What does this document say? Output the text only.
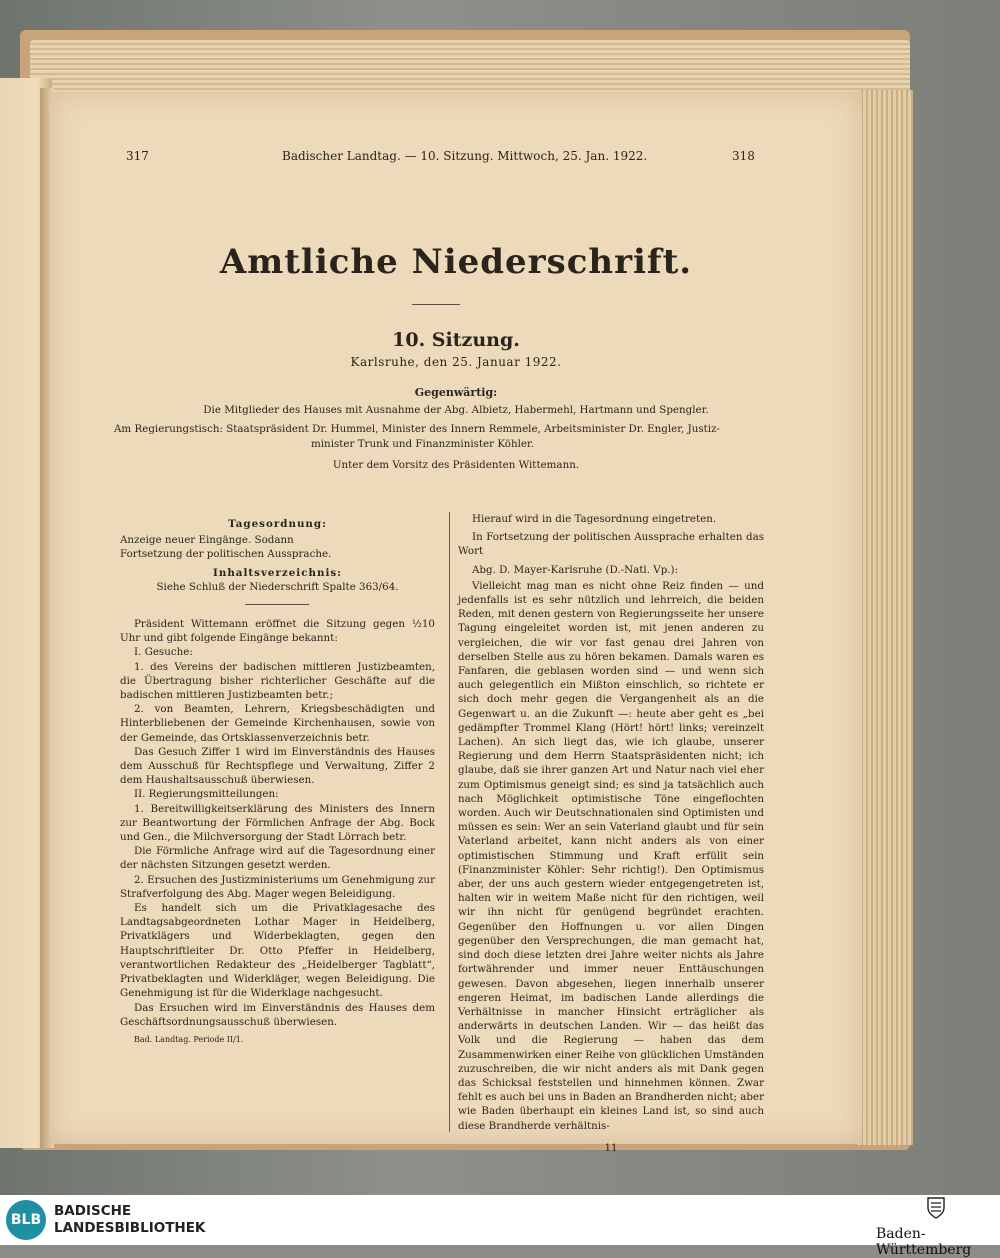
317	Badischer Landtag. — 10. Sitzung. Mittwoch, 25. Jan. 1922.	318
Amtliche Niederschrift.
10. Sitzung.
Karlsruhe, den 25. Januar 1922.
Gegenwärtig:
Die Mitglieder des Hauses mit Ausnahme der Abg. Albietz, Habermehl, Hartmann und Spengler.
Am Regierungstisch: Staatspräsident Dr. Hummel, Minister des Innern Remmele, Arbeitsminister Dr. Engler, Justiz-
minister Trunk und Finanzminister Köhler.
Unter dem Vorsitz des Präsidenten Wittemann.

Tagesordnung:

Anzeige neuer Eingänge. Sodann

Fortsetzung der politischen Aussprache.

Inhaltsverzeichnis:

Siehe Schluß der Niederschrift Spalte 363/64.

Präsident Wittemann eröffnet die Sitzung gegen ½10 Uhr und gibt folgende Eingänge bekannt:

I. Gesuche:

1. des Vereins der badischen mittleren Justizbeamten, die Übertragung bisher richterlicher Geschäfte auf die badischen mittleren Justizbeamten betr.;

2. von Beamten, Lehrern, Kriegsbeschädigten und Hinterbliebenen der Gemeinde Kirchenhausen, sowie von der Gemeinde, das Ortsklassenverzeichnis betr.

Das Gesuch Ziffer 1 wird im Einverständnis des Hauses dem Ausschuß für Rechtspflege und Verwaltung, Ziffer 2 dem Haushaltsausschuß überwiesen.

II. Regierungsmitteilungen:

1. Bereitwilligkeitserklärung des Ministers des Innern zur Beantwortung der Förmlichen Anfrage der Abg. Bock und Gen., die Milchversorgung der Stadt Lörrach betr.

Die Förmliche Anfrage wird auf die Tagesordnung einer der nächsten Sitzungen gesetzt werden.

2. Ersuchen des Justizministeriums um Genehmigung zur Strafverfolgung des Abg. Mager wegen Beleidigung.

Es handelt sich um die Privatklagesache des Landtagsabgeordneten Lothar Mager in Heidelberg, Privatklägers und Widerbeklagten, gegen den Hauptschriftleiter Dr. Otto Pfeffer in Heidelberg, verantwortlichen Redakteur des „Heidelberger Tagblatt“, Privatbeklagten und Widerkläger, wegen Beleidigung. Die Genehmigung ist für die Widerklage nachgesucht.

Das Ersuchen wird im Einverständnis des Hauses dem Geschäftsordnungsausschuß überwiesen.

Bad. Landtag. Periode II/1.

Hierauf wird in die Tagesordnung eingetreten.

In Fortsetzung der politischen Aussprache erhalten das Wort

Abg. D. Mayer-Karlsruhe (D.-Natl. Vp.):

Vielleicht mag man es nicht ohne Reiz finden — und jedenfalls ist es sehr nützlich und lehrreich, die beiden Reden, mit denen gestern von Regierungsseite her unsere Tagung eingeleitet worden ist, mit jenen anderen zu vergleichen, die wir vor fast genau drei Jahren von derselben Stelle aus zu hören bekamen. Damals waren es Fanfaren, die geblasen worden sind — und wenn sich auch gelegentlich ein Mißton einschlich, so richtete er sich doch mehr gegen die Vergangenheit als an die Gegenwart u. an die Zukunft —: heute aber geht es „bei gedämpfter Trommel Klang (Hört! hört! links; vereinzelt Lachen). An sich liegt das, wie ich glaube, unserer Regierung und dem Herrn Staatspräsidenten nicht; ich glaube, daß sie ihrer ganzen Art und Natur nach viel eher zum Optimismus geneigt sind; es sind ja tatsächlich auch nach Möglichkeit optimistische Töne eingeflochten worden. Auch wir Deutschnationalen sind Optimisten und müssen es sein: Wer an sein Vaterland glaubt und für sein Vaterland arbeitet, kann nicht anders als von einer optimistischen Stimmung und Kraft erfüllt sein (Finanzminister Köhler: Sehr richtig!). Den Optimismus aber, der uns auch gestern wieder entgegengetreten ist, halten wir in weitem Maße nicht für den richtigen, weil wir ihn nicht für genügend begründet erachten. Gegenüber den Hoffnungen u. vor allen Dingen gegenüber den Versprechungen, die man gemacht hat, sind doch diese letzten drei Jahre weiter nichts als Jahre fortwährender und immer neuer Enttäuschungen gewesen. Davon abgesehen, liegen innerhalb unserer engeren Heimat, im badischen Lande allerdings die Verhältnisse in mancher Hinsicht erträglicher als anderwärts in deutschen Landen. Wir — das heißt das Volk und die Regierung — haben das dem Zusammenwirken einer Reihe von glücklichen Umständen zuzuschreiben, die wir nicht anders als mit Dank gegen das Schicksal feststellen und hinnehmen können. Zwar fehlt es auch bei uns in Baden an Brandherden nicht; aber wie Baden überhaupt ein kleines Land ist, so sind auch diese Brandherde verhältnis-

11

BLB
BADISCHE
LANDESBIBLIOTHEK	Baden-Württemberg
